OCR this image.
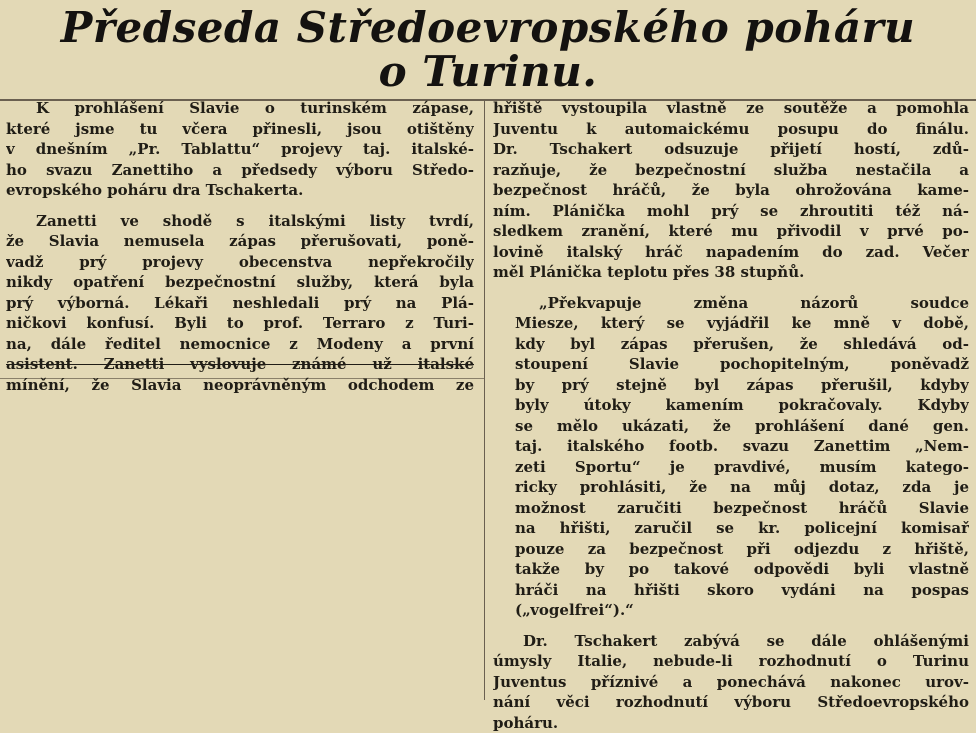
Předseda Středoevropského poháru
o Turinu.
K prohlášení Slavie o turinském zápase,
které jsme tu včera přinesli, jsou otištěny
v dnešním „Pr. Tablattu“ projevy taj. italské-
ho svazu Zanettiho a předsedy výboru Středo-
evropského poháru dra Tschakerta.
Zanetti ve shodě s italskými listy tvrdí,
že Slavia nemusela zápas přerušovati, poně-
vadž prý projevy obecenstva nepřekročily
nikdy opatření bezpečnostní služby, která byla
prý výborná. Lékaři neshledali prý na Plá-
ničkovi konfusí. Byli to prof. Terraro z Turi-
na, dále ředitel nemocnice z Modeny a první
asistent. Zanetti vyslovuje známé už italské
mínění, že Slavia neoprávněným odchodem ze
hřiště vystoupila vlastně ze soutěže a pomohla
Juventu k automaickému posupu do finálu.
Dr. Tschakert odsuzuje přijetí hostí, zdů-
razňuje, že bezpečnostní služba nestačila a
bezpečnost hráčů, že byla ohrožována kame-
ním. Plánička mohl prý se zhroutiti též ná-
sledkem zranění, které mu přivodil v prvé po-
lovině italský hráč napadením do zad. Večer
měl Plánička teplotu přes 38 stupňů.
„Překvapuje změna názorů soudce
Miesze, který se vyjádřil ke mně v době,
kdy byl zápas přerušen, že shledává od-
stoupení Slavie pochopitelným, poněvadž
by prý stejně byl zápas přerušil, kdyby
byly útoky kamením pokračovaly. Kdyby
se mělo ukázati, že prohlášení dané gen.
taj. italského footb. svazu Zanettim „Nem-
zeti Sportu“ je pravdivé, musím katego-
ricky prohlásiti, že na můj dotaz, zda je
možnost zaručiti bezpečnost hráčů Slavie
na hřišti, zaručil se kr. policejní komisař
pouze za bezpečnost při odjezdu z hřiště,
takže by po takové odpovědi byli vlastně
hráči na hřišti skoro vydáni na pospas
(„vogelfrei“).“
Dr. Tschakert zabývá se dále ohlášenými
úmysly Italie, nebude-li rozhodnutí o Turinu
Juventus příznivé a ponechává nakonec urov-
nání věci rozhodnutí výboru Středoevropského
poháru.
